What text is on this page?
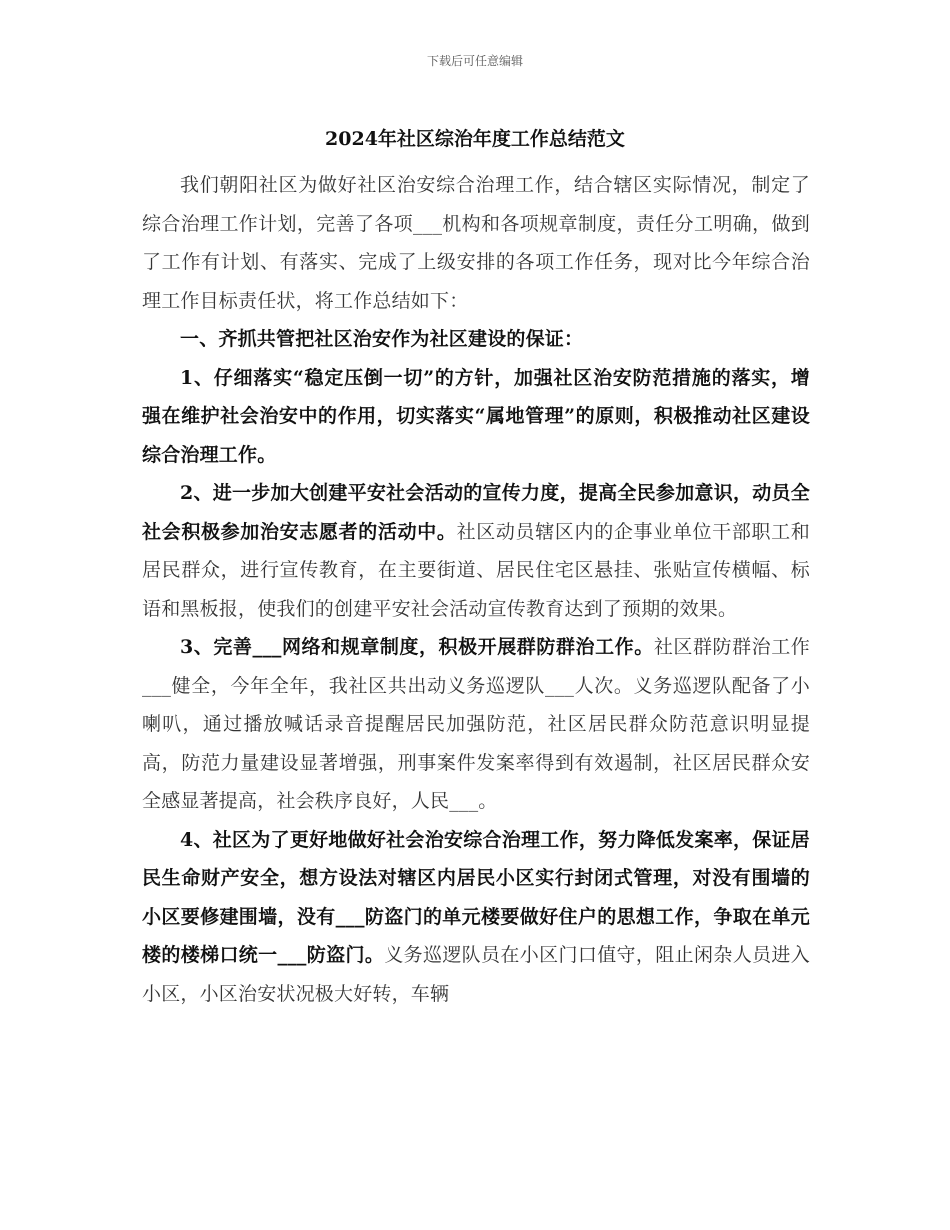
下载后可任意编辑
2024年社区综治年度工作总结范文

我们朝阳社区为做好社区治安综合治理工作，结合辖区实际情况，制定了综合治理工作计划，完善了各项___机构和各项规章制度，责任分工明确，做到了工作有计划、有落实、完成了上级安排的各项工作任务，现对比今年综合治理工作目标责任状，将工作总结如下：

一、齐抓共管把社区治安作为社区建设的保证：

1、仔细落实“稳定压倒一切”的方针，加强社区治安防范措施的落实，增强在维护社会治安中的作用，切实落实“属地管理”的原则，积极推动社区建设综合治理工作。

2、进一步加大创建平安社会活动的宣传力度，提高全民参加意识，动员全社会积极参加治安志愿者的活动中。社区动员辖区内的企事业单位干部职工和居民群众，进行宣传教育，在主要街道、居民住宅区悬挂、张贴宣传横幅、标语和黑板报，使我们的创建平安社会活动宣传教育达到了预期的效果。

3、完善___网络和规章制度，积极开展群防群治工作。社区群防群治工作___健全，今年全年，我社区共出动义务巡逻队___人次。义务巡逻队配备了小喇叭，通过播放喊话录音提醒居民加强防范，社区居民群众防范意识明显提高，防范力量建设显著增强，刑事案件发案率得到有效遏制，社区居民群众安全感显著提高，社会秩序良好，人民___。

4、社区为了更好地做好社会治安综合治理工作，努力降低发案率，保证居民生命财产安全，想方设法对辖区内居民小区实行封闭式管理，对没有围墙的小区要修建围墙，没有___防盗门的单元楼要做好住户的思想工作，争取在单元楼的楼梯口统一___防盗门。义务巡逻队员在小区门口值守，阻止闲杂人员进入小区，小区治安状况极大好转，车辆
